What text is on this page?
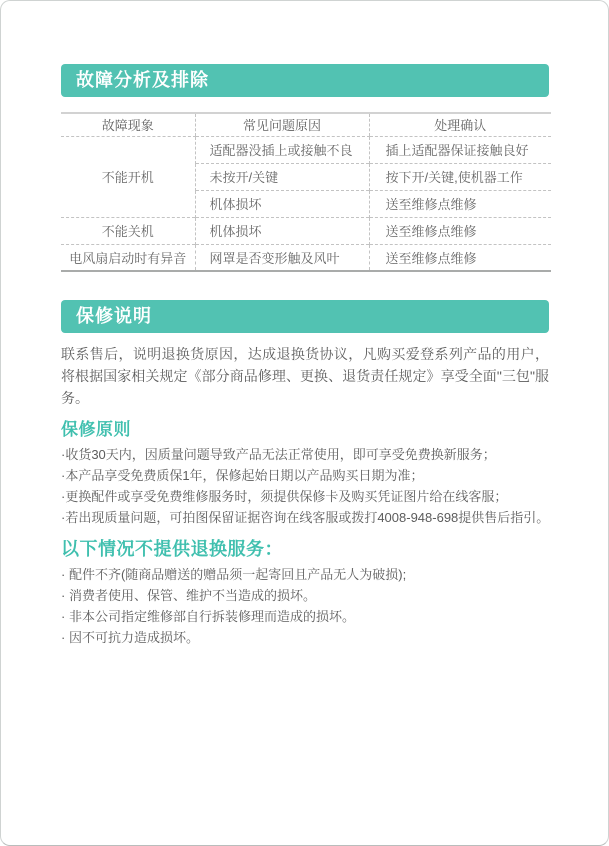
故障分析及排除
故障现象	常见问题原因	处理确认
不能开机	适配器没插上或接触不良	插上适配器保证接触良好
	未按开/关键	按下开/关键,使机器工作
	机体损坏	送至维修点维修
不能关机	机体损坏	送至维修点维修
电风扇启动时有异音	网罩是否变形触及风叶	送至维修点维修
保修说明

联系售后，说明退换货原因，达成退换货协议，凡购买爱登系列产品的用户，将根据国家相关规定《部分商品修理、更换、退货责任规定》享受全面"三包"服务。

保修原则
·收货30天内，因质量问题导致产品无法正常使用，即可享受免费换新服务；
·本产品享受免费质保1年，保修起始日期以产品购买日期为准；
·更换配件或享受免费维修服务时，须提供保修卡及购买凭证图片给在线客服；
·若出现质量问题，可拍图保留证据咨询在线客服或拨打4008-948-698提供售后指引。
以下情况不提供退换服务：
· 配件不齐(随商品赠送的赠品须一起寄回且产品无人为破损);
· 消费者使用、保管、维护不当造成的损坏。
· 非本公司指定维修部自行拆装修理而造成的损坏。
· 因不可抗力造成损坏。
